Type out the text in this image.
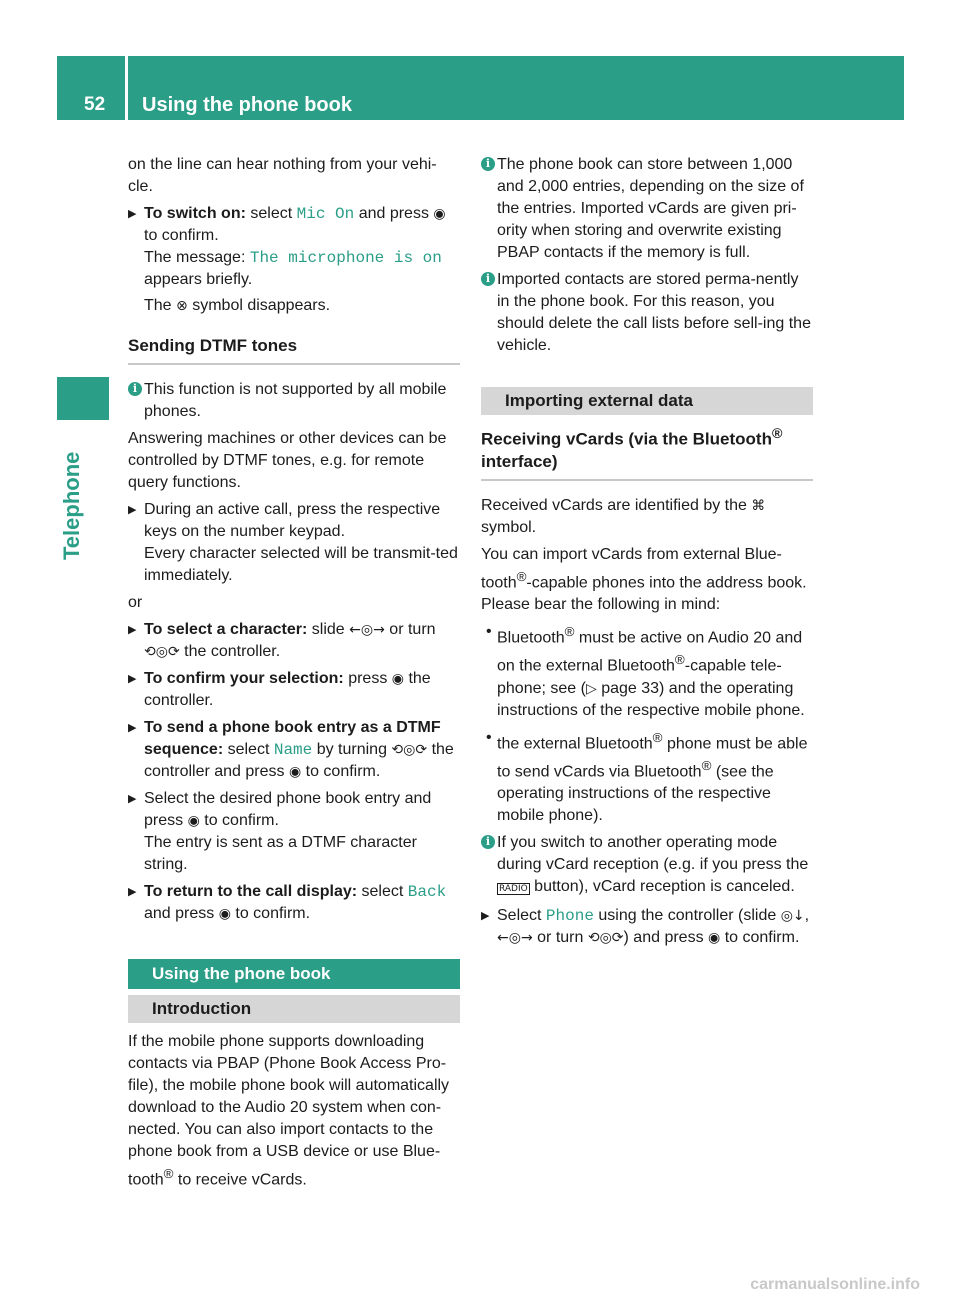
52 Using the phone book
Telephone

on the line can hear nothing from your vehi-cle.

▶ To switch on: select Mic On and press ◉ to confirm.
The message: The microphone is on appears briefly.
The ⊗ symbol disappears.
Sending DTMF tones
i This function is not supported by all mobile phones.

Answering machines or other devices can be controlled by DTMF tones, e.g. for remote query functions.

▶ During an active call, press the respective keys on the number keypad.
Every character selected will be transmit-ted immediately.

or

▶ To select a character: slide ←◎→ or turn ⟲◎⟳ the controller.
▶ To confirm your selection: press ◉ the controller.
▶ To send a phone book entry as a DTMF sequence: select Name by turning ⟲◎⟳ the controller and press ◉ to confirm.
▶ Select the desired phone book entry and press ◉ to confirm.
The entry is sent as a DTMF character string.
▶ To return to the call display: select Back and press ◉ to confirm.
Using the phone book
Introduction

If the mobile phone supports downloading contacts via PBAP (Phone Book Access Pro-file), the mobile phone book will automatically download to the Audio 20 system when con-nected. You can also import contacts to the phone book from a USB device or use Blue-tooth® to receive vCards.

i The phone book can store between 1,000 and 2,000 entries, depending on the size of the entries. Imported vCards are given pri-ority when storing and overwrite existing PBAP contacts if the memory is full.
i Imported contacts are stored perma-nently in the phone book. For this reason, you should delete the call lists before sell-ing the vehicle.
Importing external data
Receiving vCards (via the Bluetooth®
interface)

Received vCards are identified by the ⌘ symbol.

You can import vCards from external Blue-tooth®-capable phones into the address book. Please bear the following in mind:

• Bluetooth® must be active on Audio 20 and on the external Bluetooth®-capable tele-phone; see (▷ page 33) and the operating instructions of the respective mobile phone.
• the external Bluetooth® phone must be able to send vCards via Bluetooth® (see the operating instructions of the respective mobile phone).
i If you switch to another operating mode during vCard reception (e.g. if you press the RADIO button), vCard reception is canceled.
▶ Select Phone using the controller (slide ◎↓, ←◎→ or turn ⟲◎⟳) and press ◉ to confirm.
carmanualsonline.info
